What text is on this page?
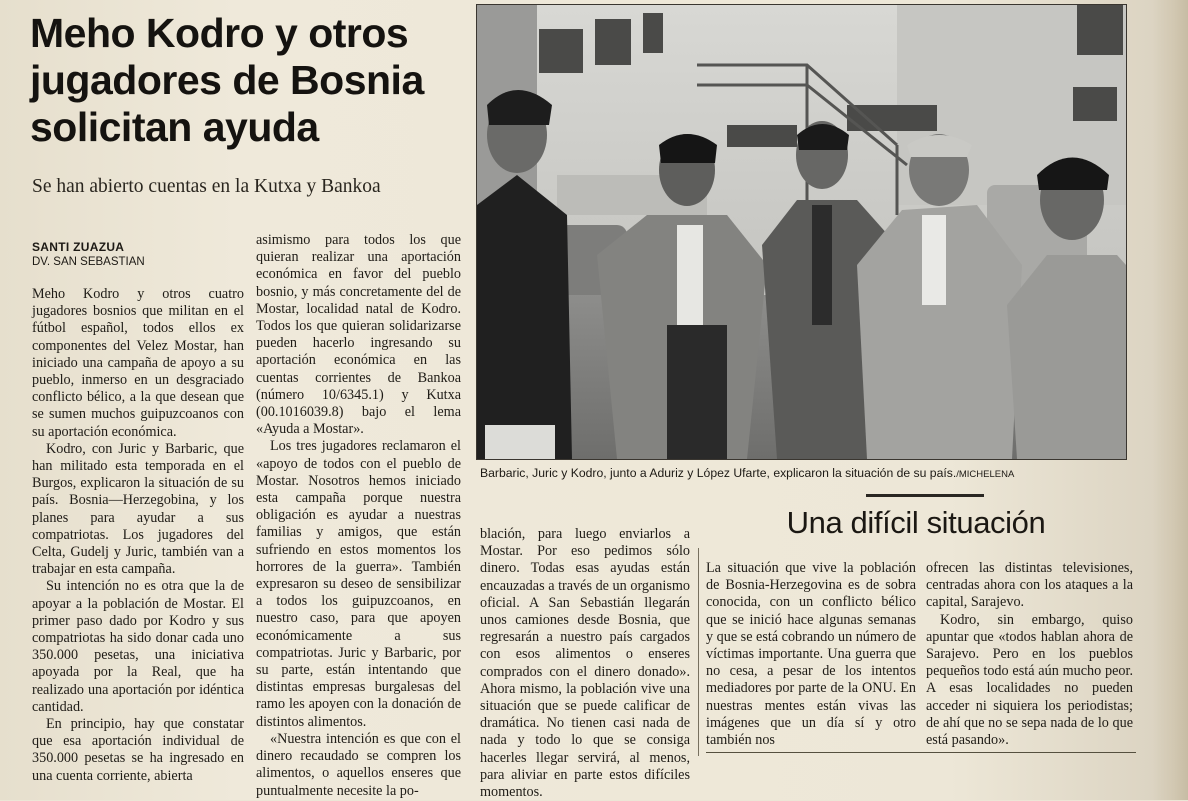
Meho Kodro y otros jugadores de Bosnia solicitan ayuda
Se han abierto cuentas en la Kutxa y Bankoa
SANTI ZUAZUA
DV. SAN SEBASTIAN

Meho Kodro y otros cuatro jugadores bosnios que militan en el fútbol español, todos ellos ex componentes del Velez Mostar, han iniciado una campaña de apoyo a su pueblo, inmerso en un desgraciado conflicto bélico, a la que desean que se sumen muchos guipuzcoanos con su aportación económica.

Kodro, con Juric y Barbaric, que han militado esta temporada en el Burgos, explicaron la situación de su país. Bosnia—Herzegobina, y los planes para ayudar a sus compatriotas. Los jugadores del Celta, Gudelj y Juric, también van a trabajar en esta campaña.

Su intención no es otra que la de apoyar a la población de Mostar. El primer paso dado por Kodro y sus compatriotas ha sido donar cada uno 350.000 pesetas, una iniciativa apoyada por la Real, que ha realizado una aportación por idéntica cantidad.

En principio, hay que constatar que esa aportación individual de 350.000 pesetas se ha ingresado en una cuenta corriente, abierta

asimismo para todos los que quieran realizar una aportación económica en favor del pueblo bosnio, y más concretamente del de Mostar, localidad natal de Kodro. Todos los que quieran solidarizarse pueden hacerlo ingresando su aportación económica en las cuentas corrientes de Bankoa (número 10/6345.1) y Kutxa (00.1016039.8) bajo el lema «Ayuda a Mostar».

Los tres jugadores reclamaron el «apoyo de todos con el pueblo de Mostar. Nosotros hemos iniciado esta campaña porque nuestra obligación es ayudar a nuestras familias y amigos, que están sufriendo en estos momentos los horrores de la guerra». También expresaron su deseo de sensibilizar a todos los guipuzcoanos, en nuestro caso, para que apoyen económicamente a sus compatriotas. Juric y Barbaric, por su parte, están intentando que distintas empresas burgalesas del ramo les apoyen con la donación de distintos alimentos.

«Nuestra intención es que con el dinero recaudado se compren los alimentos, o aquellos enseres que puntualmente necesite la po-

Barbaric, Juric y Kodro, junto a Aduriz y López Ufarte, explicaron la situación de su país./MICHELENA

blación, para luego enviarlos a Mostar. Por eso pedimos sólo dinero. Todas esas ayudas están encauzadas a través de un organismo oficial. A San Sebastián llegarán unos camiones desde Bosnia, que regresarán a nuestro país cargados con esos alimentos o enseres comprados con el dinero donado». Ahora mismo, la población vive una situación que se puede calificar de dramática. No tienen casi nada de nada y todo lo que se consiga hacerles llegar servirá, al menos, para aliviar en parte estos difíciles momentos.

Una difícil situación

La situación que vive la población de Bosnia-Herzegovina es de sobra conocida, con un conflicto bélico que se inició hace algunas semanas y que se está cobrando un número de víctimas importante. Una guerra que no cesa, a pesar de los intentos mediadores por parte de la ONU. En nuestras mentes están vivas las imágenes que un día sí y otro también nos

ofrecen las distintas televisiones, centradas ahora con los ataques a la capital, Sarajevo.

Kodro, sin embargo, quiso apuntar que «todos hablan ahora de Sarajevo. Pero en los pueblos pequeños todo está aún mucho peor. A esas localidades no pueden acceder ni siquiera los periodistas; de ahí que no se sepa nada de lo que está pasando».
